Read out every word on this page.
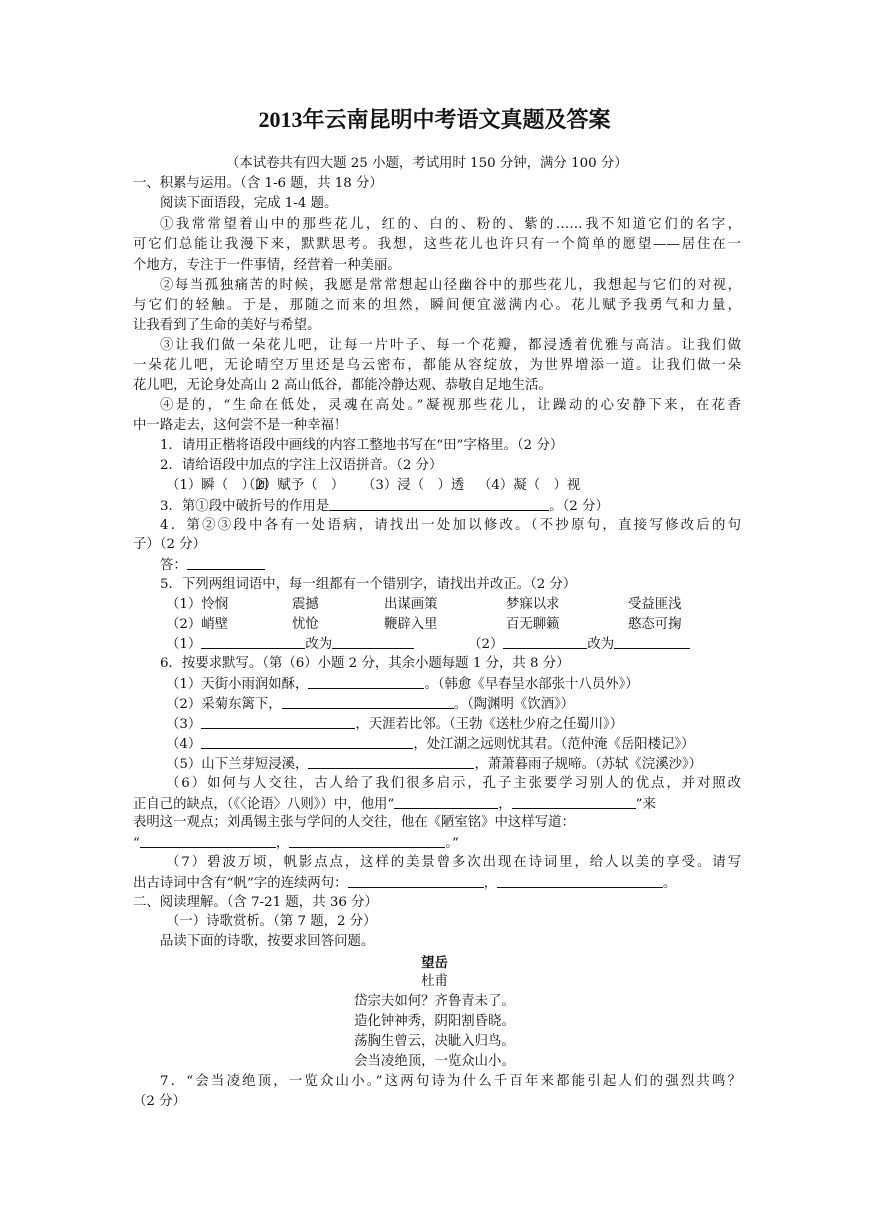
2013年云南昆明中考语文真题及答案

（本试卷共有四大题 25 小题，考试用时 150 分钟，满分 100 分）

一、积累与运用。（含 1-6 题，共 18 分）

阅读下面语段，完成 1-4 题。

①我常常望着山中的那些花儿，红的、白的、粉的、紫的……我不知道它们的名字，

可它们总能让我漫下来，默默思考。我想，这些花儿也许只有一个简单的愿望——居住在一

个地方，专注于一件事情，经营着一种美丽。

②每当孤独痛苦的时候，我愿是常常想起山径幽谷中的那些花儿，我想起与它们的对视，

与它们的轻触。于是，那随之而来的坦然，瞬间便宜滋满内心。花儿赋予我勇气和力量，

让我看到了生命的美好与希望。

③让我们做一朵花儿吧，让每一片叶子、每一个花瓣，都浸透着优雅与高洁。让我们做

一朵花儿吧，无论晴空万里还是乌云密布，都能从容绽放，为世界增添一道。让我们做一朵

花儿吧，无论身处高山 2 高山低谷，都能冷静达观、恭敬自足地生活。

④是的，“生命在低处，灵魂在高处。”凝视那些花儿，让躁动的心安静下来，在花香

中一路走去，这何尝不是一种幸福！

1．请用正楷将语段中画线的内容工整地书写在“田”字格里。（2 分）

2．请给语段中加点的字注上汉语拼音。（2 分）

（1）瞬（　）间（2）赋予（　） （3）浸（　）透 （4）凝（　）视

3．第①段中破折号的作用是	。（2 分）

4．第②③段中各有一处语病，请找出一处加以修改。（不抄原句，直接写修改后的句

子）（2 分）

答：

5．下列两组词语中，每一组都有一个错别字，请找出并改正。（2 分）

（1）怜悯	震撼	出谋画策	梦寐以求	受益匪浅

（2）峭壁	忧怆	鞭辟入里	百无聊籁	憨态可掬

（1）	改为	（2）	改为

6．按要求默写。（第（6）小题 2 分，其余小题每题 1 分，共 8 分）

（1）天街小雨润如酥，	。（韩愈《早春呈水部张十八员外》）

（2）采菊东篱下，	。（陶渊明《饮酒》）

（3）	，天涯若比邻。（王勃《送杜少府之任蜀川》）

（4）	，处江湖之远则忧其君。（范仲淹《岳阳楼记》）

（5）山下兰芽短浸溪，	，萧萧暮雨子规啼。（苏轼《浣溪沙》）

（6）如何与人交往，古人给了我们很多启示，孔子主张要学习别人的优点，并对照改

正自己的缺点，（《〈论语〉八则》）中，他用“	，	”来

表明这一观点；刘禹锡主张与学问的人交往，他在《陋室铭》中这样写道：

“	，	。”

（7）碧波万顷，帆影点点，这样的美景曾多次出现在诗词里，给人以美的享受。请写

出古诗词中含有“帆”字的连续两句：	，	。

二、阅读理解。（含 7-21 题，共 36 分）

（一）诗歌赏析。（第 7 题，2 分）

品读下面的诗歌，按要求回答问题。

望岳

杜甫

岱宗夫如何？齐鲁青未了。

造化钟神秀，阴阳割昏晓。

荡胸生曾云，决眦入归鸟。

会当凌绝顶，一览众山小。

7．“会当凌绝顶，一览众山小。”这两句诗为什么千百年来都能引起人们的强烈共鸣？

（2 分）
